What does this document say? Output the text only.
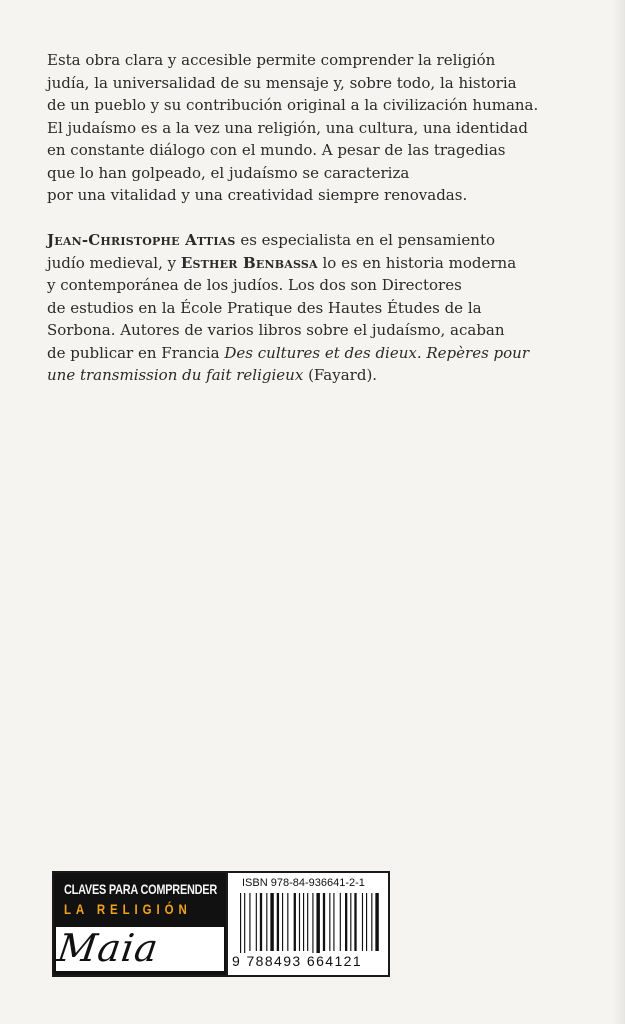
Esta obra clara y accesible permite comprender la religión
judía, la universalidad de su mensaje y, sobre todo, la historia
de un pueblo y su contribución original a la civilización humana.
El judaísmo es a la vez una religión, una cultura, una identidad
en constante diálogo con el mundo. A pesar de las tragedias
que lo han golpeado, el judaísmo se caracteriza
por una vitalidad y una creatividad siempre renovadas.
Jean-Christophe Attias es especialista en el pensamiento
judío medieval, y Esther Benbassa lo es en historia moderna
y contemporánea de los judíos. Los dos son Directores
de estudios en la École Pratique des Hautes Études de la
Sorbona. Autores de varios libros sobre el judaísmo, acaban
de publicar en Francia Des cultures et des dieux. Repères pour
une transmission du fait religieux (Fayard).
CLAVES PARA COMPRENDER
LA RELIGIÓN
Maia
ISBN 978-84-936641-2-1
9 788493 664121
